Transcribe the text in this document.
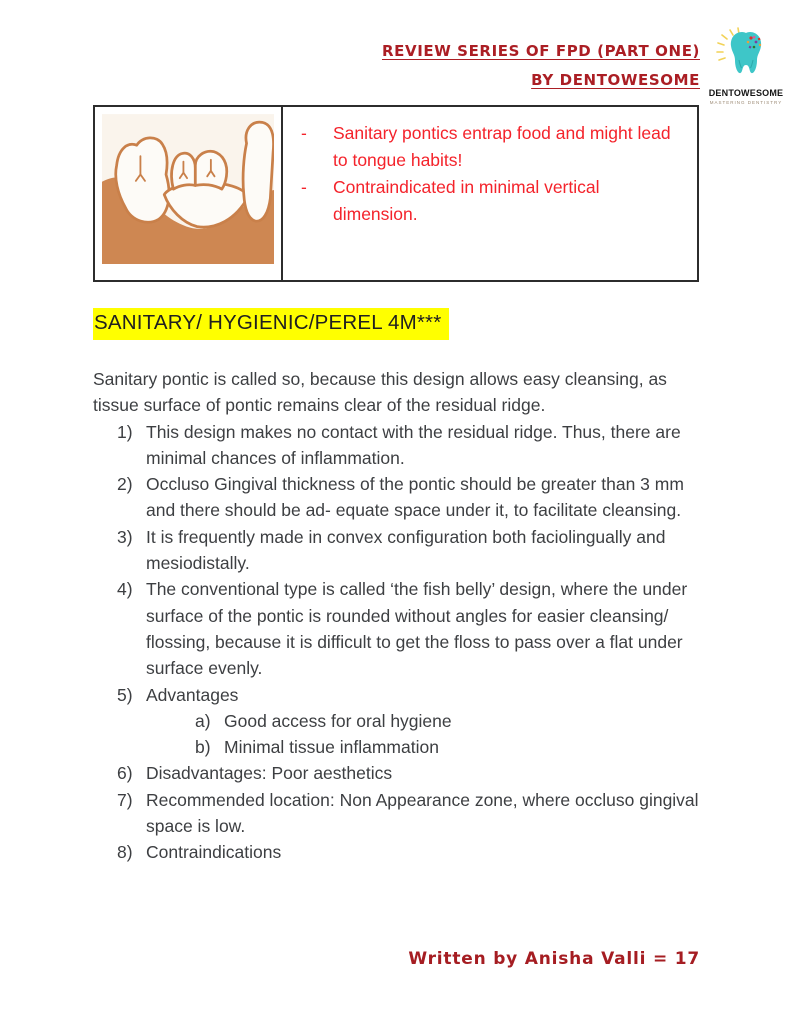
REVIEW SERIES OF FPD (PART ONE)
BY DENTOWESOME
DENTOWESOME
MASTERING DENTISTRY
-	Sanitary pontics entrap food and might lead to tongue habits!
-	Contraindicated in minimal vertical dimension.
SANITARY/ HYGIENIC/PEREL 4M***

Sanitary pontic is called so, because this design allows easy cleansing, as tissue surface of pontic remains clear of the residual ridge.

1) This design makes no contact with the residual ridge. Thus, there are minimal chances of inflammation.
2) Occluso Gingival thickness of the pontic should be greater than 3 mm and there should be ad- equate space under it, to facilitate cleansing.
3) It is frequently made in convex configuration both faciolingually and mesiodistally.
4) The conventional type is called ‘the fish belly’ design, where the under surface of the pontic is rounded without angles for easier cleansing/ flossing, because it is difficult to get the floss to pass over a flat under surface evenly.
5) Advantages
a) Good access for oral hygiene
b) Minimal tissue inflammation
6) Disadvantages: Poor aesthetics
7) Recommended location: Non Appearance zone, where occluso gingival space is low.
8) Contraindications
Written by Anisha Valli = 17
